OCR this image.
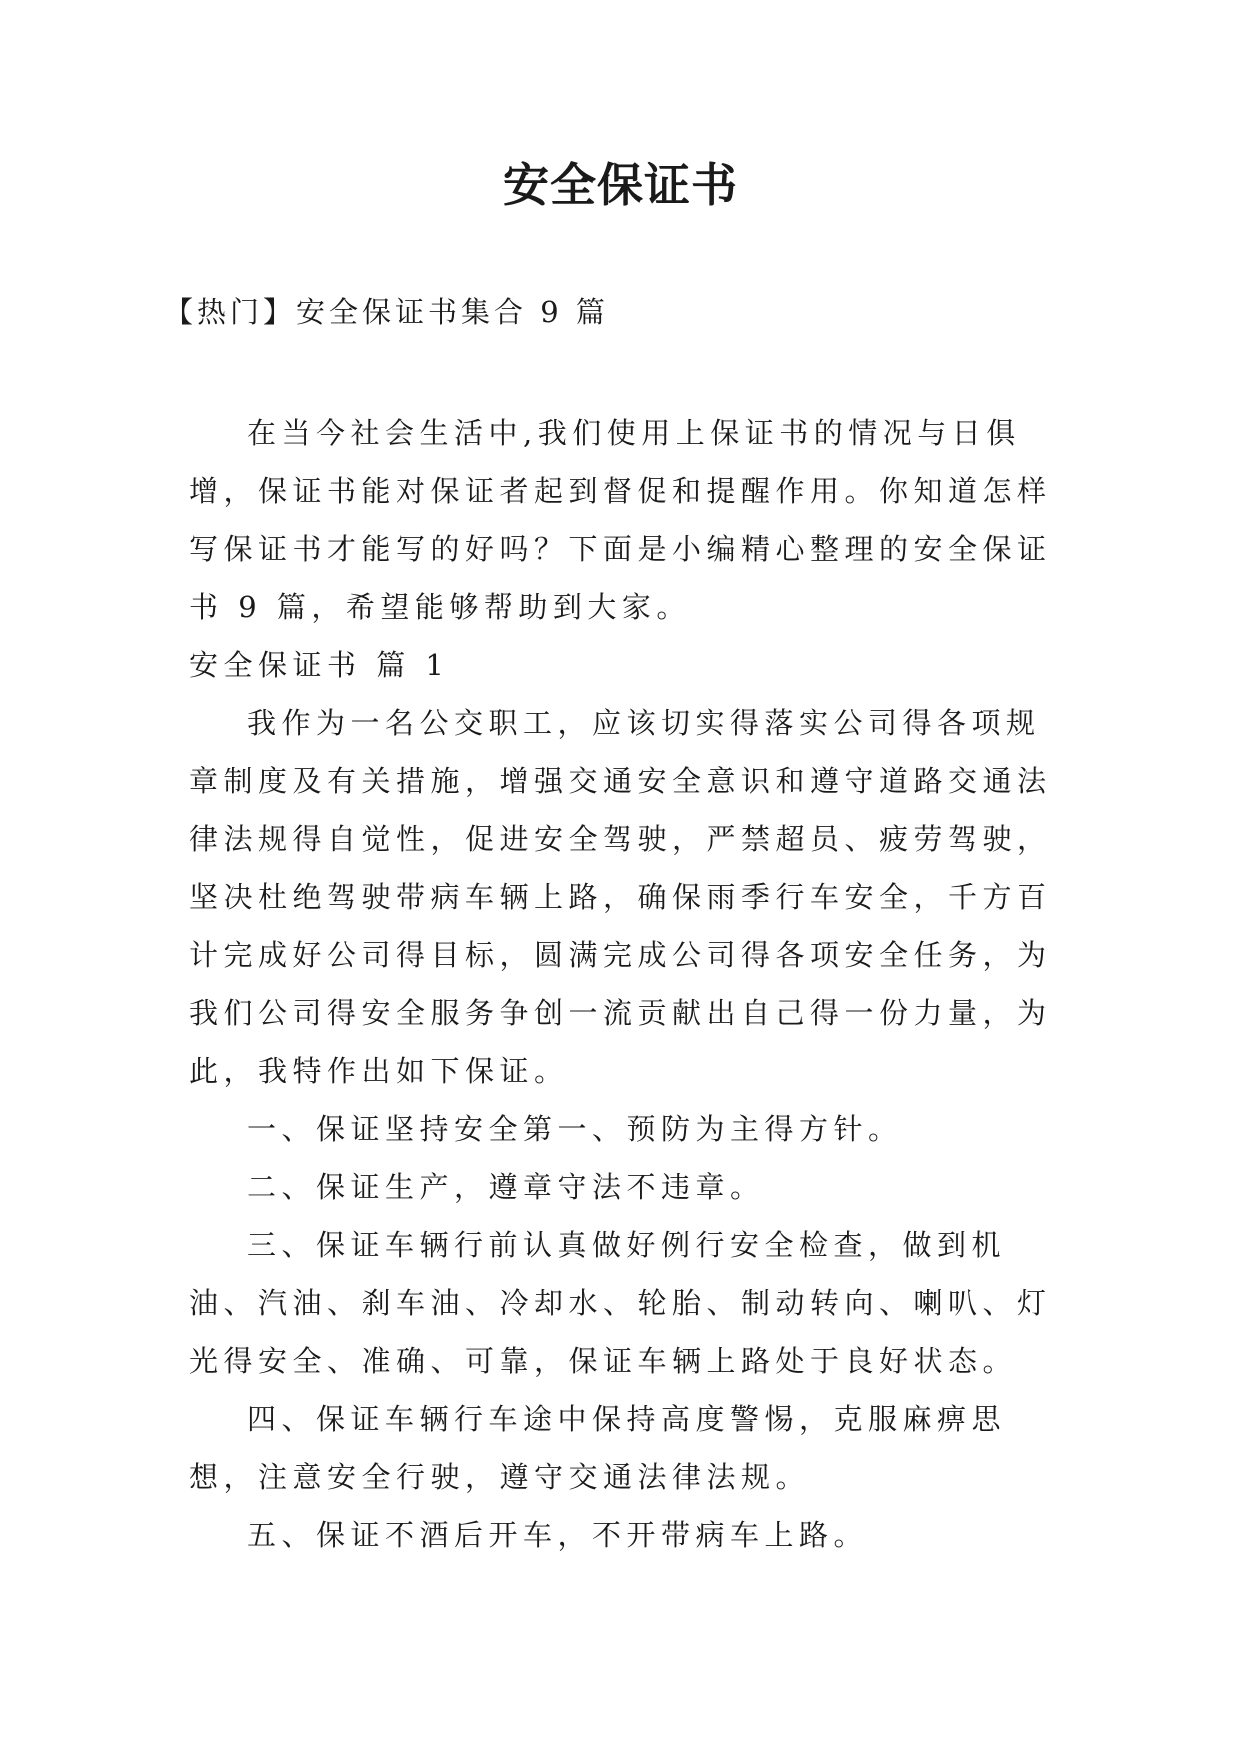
安全保证书

【热门】安全保证书集合 9 篇

在当今社会生活中,我们使用上保证书的情况与日俱增，保证书能对保证者起到督促和提醒作用。你知道怎样写保证书才能写的好吗？下面是小编精心整理的安全保证书 9 篇，希望能够帮助到大家。

安全保证书 篇 1

我作为一名公交职工，应该切实得落实公司得各项规章制度及有关措施，增强交通安全意识和遵守道路交通法律法规得自觉性，促进安全驾驶，严禁超员、疲劳驾驶，坚决杜绝驾驶带病车辆上路，确保雨季行车安全，千方百计完成好公司得目标，圆满完成公司得各项安全任务，为我们公司得安全服务争创一流贡献出自己得一份力量，为此，我特作出如下保证。

一、保证坚持安全第一、预防为主得方针。

二、保证生产，遵章守法不违章。

三、保证车辆行前认真做好例行安全检查，做到机油、汽油、刹车油、冷却水、轮胎、制动转向、喇叭、灯光得安全、准确、可靠，保证车辆上路处于良好状态。

四、保证车辆行车途中保持高度警惕，克服麻痹思想，注意安全行驶，遵守交通法律法规。

五、保证不酒后开车，不开带病车上路。
